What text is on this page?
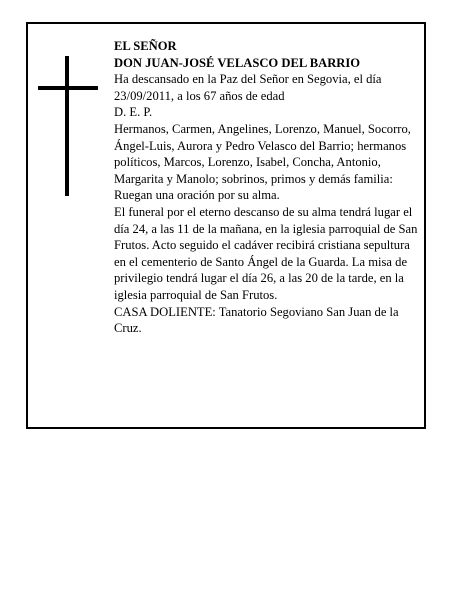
EL SEÑOR

DON JUAN-JOSÉ VELASCO DEL BARRIO

Ha descansado en la Paz del Señor en Segovia, el día 23/09/2011, a los 67 años de edad

D. E. P.

Hermanos, Carmen, Angelines, Lorenzo, Manuel, Socorro, Ángel-Luis, Aurora y Pedro Velasco del Barrio; hermanos políticos, Marcos, Lorenzo, Isabel, Concha, Antonio, Margarita y Manolo; sobrinos, primos y demás familia:

Ruegan una oración por su alma.

El funeral por el eterno descanso de su alma tendrá lugar el día 24, a las 11 de la mañana, en la iglesia parroquial de San Frutos. Acto seguido el cadáver recibirá cristiana sepultura en el cementerio de Santo Ángel de la Guarda. La misa de privilegio tendrá lugar el día 26, a las 20 de la tarde, en la iglesia parroquial de San Frutos.

CASA DOLIENTE: Tanatorio Segoviano San Juan de la Cruz.
